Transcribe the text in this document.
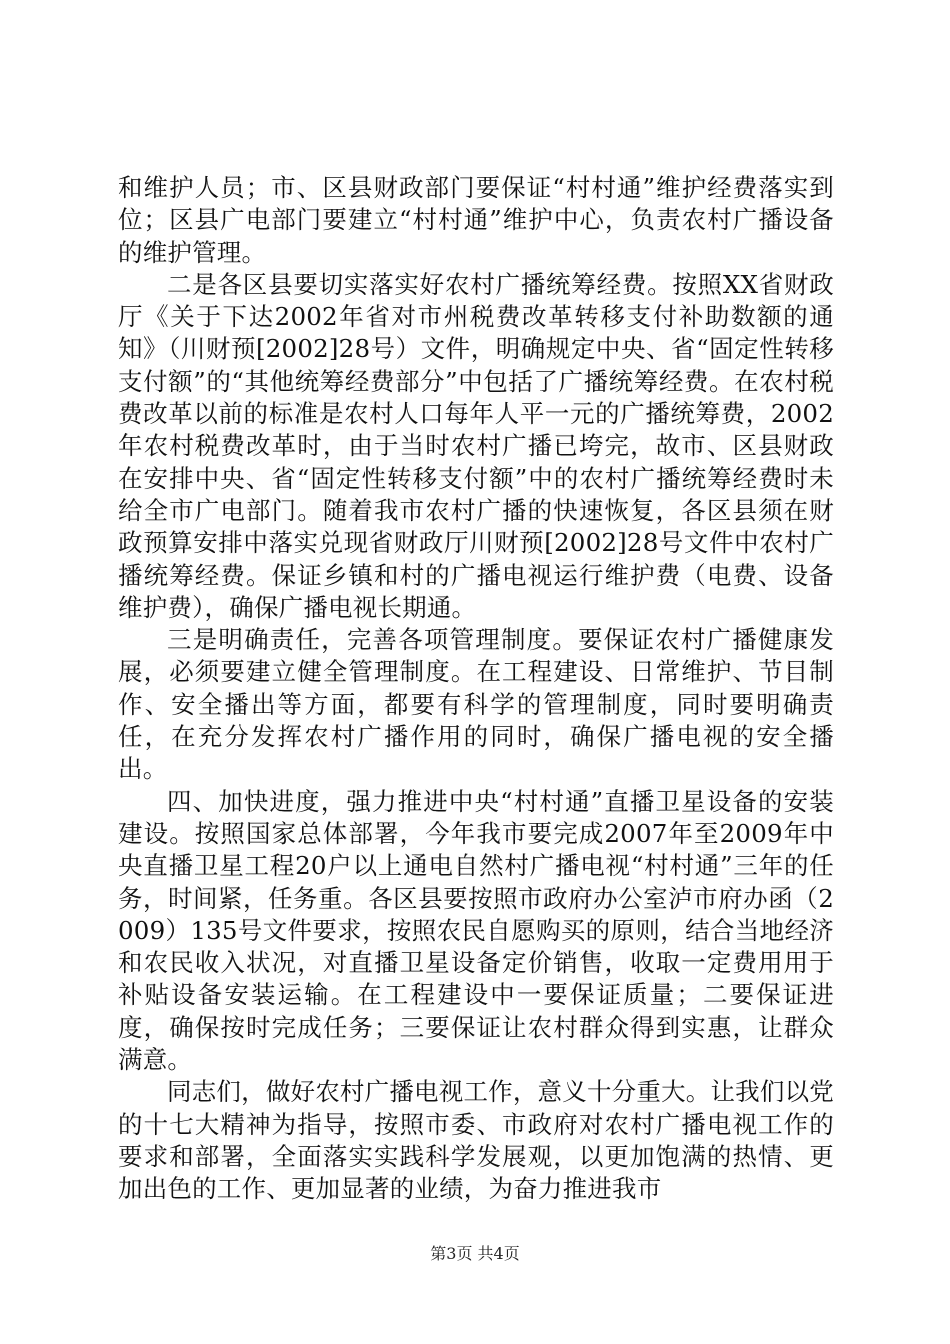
和维护人员；市、区县财政部门要保证“村村通”维护经费落实到位；区县广电部门要建立“村村通”维护中心，负责农村广播设备的维护管理。

二是各区县要切实落实好农村广播统筹经费。按照XX省财政厅《关于下达2002年省对市州税费改革转移支付补助数额的通知》（川财预[2002]28号）文件，明确规定中央、省“固定性转移支付额”的“其他统筹经费部分”中包括了广播统筹经费。在农村税费改革以前的标准是农村人口每年人平一元的广播统筹费，2002年农村税费改革时，由于当时农村广播已垮完，故市、区县财政在安排中央、省“固定性转移支付额”中的农村广播统筹经费时未给全市广电部门。随着我市农村广播的快速恢复，各区县须在财政预算安排中落实兑现省财政厅川财预[2002]28号文件中农村广播统筹经费。保证乡镇和村的广播电视运行维护费（电费、设备维护费），确保广播电视长期通。

三是明确责任，完善各项管理制度。要保证农村广播健康发展，必须要建立健全管理制度。在工程建设、日常维护、节目制作、安全播出等方面，都要有科学的管理制度，同时要明确责任，在充分发挥农村广播作用的同时，确保广播电视的安全播出。

四、加快进度，强力推进中央“村村通”直播卫星设备的安装建设。按照国家总体部署，今年我市要完成2007年至2009年中央直播卫星工程20户以上通电自然村广播电视“村村通”三年的任务，时间紧，任务重。各区县要按照市政府办公室泸市府办函（2009）135号文件要求，按照农民自愿购买的原则，结合当地经济和农民收入状况，对直播卫星设备定价销售，收取一定费用用于补贴设备安装运输。在工程建设中一要保证质量；二要保证进度，确保按时完成任务；三要保证让农村群众得到实惠，让群众满意。

同志们，做好农村广播电视工作，意义十分重大。让我们以党的十七大精神为指导，按照市委、市政府对农村广播电视工作的要求和部署，全面落实实践科学发展观，以更加饱满的热情、更加出色的工作、更加显著的业绩，为奋力推进我市

第3页 共4页
